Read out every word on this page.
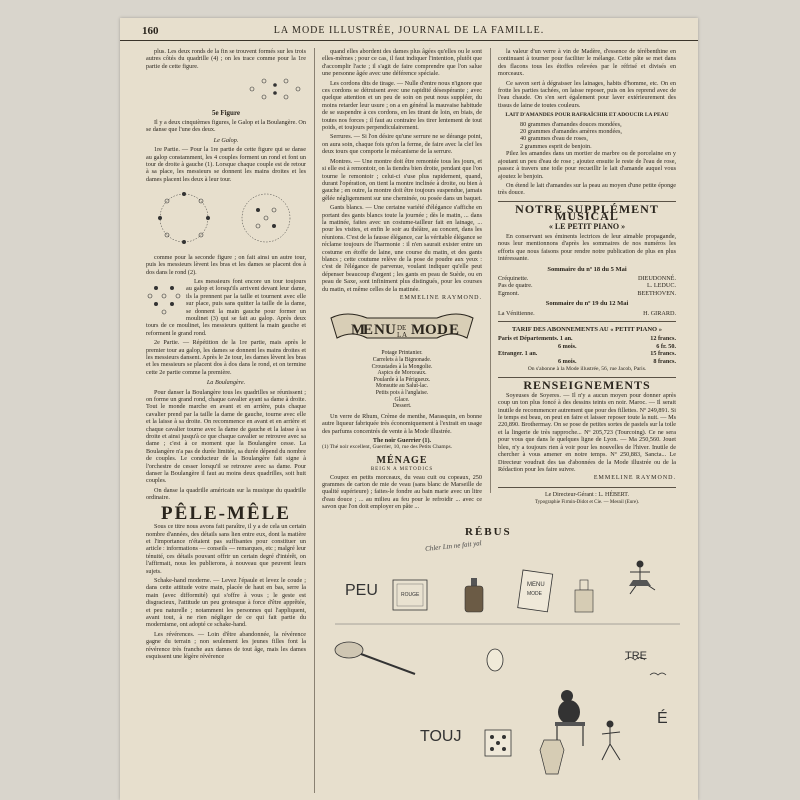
160	LA MODE ILLUSTRÉE, JOURNAL DE LA FAMILLE.

plus. Les deux ronds de la fin se trouvent formés sur les trois autres côtés du quadrille (4) ; on les trace comme pour la 1re partie de cette figure.

5e Figure

Il y a deux cinquièmes figures, le Galop et la Boulangère. On se danse que l'une des deux.

Le Galop.

1re Partie. — Pour la 1re partie de cette figure qui se danse au galop constamment, les 4 couples forment un rond et font un tour de droite à gauche (1). Lorsque chaque couple est de retour à sa place, les messieurs se donnent les mains droites et les dames placent les deux à leur tour.

comme pour la seconde figure ; on fait ainsi un autre tour, puis les messieurs lèvent les bras et les dames se placent dos à dos dans le rond (2).

Les messieurs font encore un tour toujours au galop et lorsqu'ils arrivent devant leur dame, ils la prennent par la taille et tournent avec elle sur place, puis sans quitter la taille de la dame, se donnent la main gauche pour former un moulinet (3) qui se fait au galop. Après deux tours de ce moulinet, les messieurs quittent la main gauche et reforment le grand rond.

2e Partie. — Répétition de la 1re partie, mais après le premier tour au galop, les dames se donnent les mains droites et les messieurs dansent. Après le 2e tour, les dames lèvent les bras et les messieurs se placent dos à dos dans le rond, et on termine cette 2e partie comme la première.

La Boulangère.

Pour danser la Boulangère tous les quadrilles se réunissent ; on forme un grand rond, chaque cavalier ayant sa dame à droite. Tout le monde marche en avant et en arrière, puis chaque cavalier prend par la taille la dame de gauche, tourne avec elle et la laisse à sa droite. On recommence en avant et en arrière et chaque cavalier tourne avec la dame de gauche et la laisse à sa droite et ainsi jusqu'à ce que chaque cavalier se retrouve avec sa dame ; c'est à ce moment que la Boulangère cesse. La Boulangère n'a pas de durée limitée, sa durée dépend du nombre de couples. Le conducteur de la Boulangère fait signe à l'orchestre de cesser lorsqu'il se retrouve avec sa dame. Pour danser la Boulangère il faut au moins deux quadrilles, soit huit couples.

On danse la quadrille américain sur la musique du quadrille ordinaire.

PÊLE-MÊLE

Sous ce titre nous avons fait paraître, il y a de cela un certain nombre d'années, des détails sans lien entre eux, dont la matière et l'importance n'étaient pas suffisantes pour constituer un article : informations — conseils — remarques, etc ; malgré leur ténuité, ces détails pouvant offrir un certain degré d'intérêt, on l'affirmait, nous les publierons, à nouveau que peuvent leurs sujets.

Schake-hand moderne. — Levez l'épaule et levez le coude ; dans cette attitude votre main, placée de haut en bas, serre la main (avec difformité) qui s'offre à vous ; le geste est disgracieux, l'attitude un peu grotesque à force d'être apprêtée, et peu naturelle ; notamment les personnes qui l'appliquent, avant tout, à ne rien négliger de ce qui fait partie du modernisme, ont adopté ce schake-hand.

Les révérences. — Loin d'être abandonnée, la révérence gagne du terrain ; non seulement les jeunes filles font la révérence très franche aux dames de tout âge, mais les dames esquissent une légère révérence

quand elles abordent des dames plus âgées qu'elles ou le sont elles-mêmes ; pour ce cas, il faut indiquer l'intention, plutôt que d'accomplir l'acte ; il s'agit de faire comprendre que l'on salue une personne âgée avec une déférence spéciale.

Les cordons dits de tirage. — Nulle d'entre nous n'ignore que ces cordons se détruisent avec une rapidité désespérante ; avec quelque attention et un peu de soin on peut nous suppléer, du moins retarder leur usure ; on a en général la mauvaise habitude de se suspendre à ces cordons, en les tirant de loin, en biais, de toutes nos forces ; il faut au contraire les tirer lentement de tout poids, et toujours perpendiculairement.

Serrures. — Si l'on désire qu'une serrure ne se dérange point, on aura soin, chaque fois qu'on la ferme, de faire avec la clef les deux tours que comporte le mécanisme de la serrure.

Montres. — Une montre doit être remontée tous les jours, et si elle est à remontoir, on la tiendra bien droite, pendant que l'on tourne le remontoir ; celui-ci s'use plus rapidement, quand, durant l'opération, on tient la montre inclinée à droite, ou bien à gauche ; en outre, la montre doit être toujours suspendue, jamais gêlée négligemment sur une cheminée, ou posée dans un baquet.

Gants blancs. — Une certaine variété d'élégance s'affiche en portant des gants blancs toute la journée ; dès le matin, ... dans la matinée, faites avec un costume-tailleur fait en lainage, ... pour les visites, et enfin le soir au théâtre, au concert, dans les réunions. C'est de la fausse élégance, car la véritable élégance se réclame toujours de l'harmonie : il n'en saurait exister entre un costume en étoffe de laine, une course du matin, et des gants blancs ; cette coutume relève de la pose de poudre aux yeux : c'est de l'élégance de parvenue, voulant indiquer qu'elle peut dépenser beaucoup d'argent ; les gants en peau de Suède, ou en peau de Saxe, sont infiniment plus distingués, pour les courses du matin, et même celles de la matinée.

EMMELINE RAYMOND.
M
E N U D E
L A M O D E
Potage Printanier.
Carrelets à la Bignonade.
Croustades à la Mongolie.
Aspics de Morceaux.
Poularde à la Périgueux.
Monsutte au Salut-lac.
Petits pois à l'anglaise.
Glace.
Dessert.

Un verre de Rhum, Crème de menthe, Marasquin, en bonne autre liqueur fabriquée très économiquement à l'extrait en usage des parfums concentrés de vente à la Mode illustrée.

The noir Guerrier (1).
(1) Thé noir excellent, Guerrier, 10, rue des Petits Champs.
MÉNAGE
BEIGN A METODICS

Coupez en petits morceaux, du veau cuit ou copeaux, 250 grammes de carton de mie de veau (sans blanc de Marseille de qualité supérieure) ; faites-le fondre au bain marie avec un litre d'eau douce ; ... au milieu au feu pour le refroidir ... avec ce savon que l'on doit employer en pâte ...

la valeur d'un verre à vin de Madère, d'essence de térébenthine en continuant à tourner pour faciliter le mélange. Cette pâte se met dans des flacons tous les étoffes relevées par le réfrisé et divisés en morceaux.

Ce savon sert à dégraisser les lainages, habits d'homme, etc. On en frotte les parties tachées, on laisse reposer, puis on les reprend avec de l'eau chaude. On s'en sert également pour laver extérieurement des tissus de laine de toutes couleurs.

LAIT D'AMANDES POUR RAFRAÎCHIR ET ADOUCIR LA PEAU
80 grammes d'amandes douces mondées,
20 grammes d'amandes amères mondées,
40 grammes d'eau de roses,
2 grammes esprit de benjoin.

Pilez les amandes dans un mortier de marbre ou de porcelaine en y ajoutant un peu d'eau de rose ; ajoutez ensuite le reste de l'eau de rose, passez à travers une toile pour recueillir le lait d'amande auquel vous ajoutez le benjoin.

On étend le lait d'amandes sur la peau au moyen d'une petite éponge très douce.

NOTRE SUPPLÉMENT MUSICAL
« LE PETIT PIANO »

En conservant ses éminents lectrices de leur aimable propagande, nous leur mentionnons d'après les sommaires de nos numéros les efforts que nous faisons pour rendre notre publication de plus en plus intéressante.

Sommaire du nº 18 du 5 Mai
Créquinette.	DIEUDONNÉ.
Pas de quatre.	L. LEDUC.
Egmont.	BEETHOVEN.
Sommaire du nº 19 du 12 Mai
La Vénitienne.	H. GIRARD.
TARIF DES ABONNEMENTS AU « PETIT PIANO »
Paris et Départements. 1 an.	12 francs.
6 mois.	6 fr. 50.
Etranger. 1 an.	15 francs.
6 mois.	8 francs.
On s'abonne à la Mode illustrée, 56, rue Jacob, Paris.
RENSEIGNEMENTS

Soyeuses de Soyeres. — Il n'y a aucun moyen pour donner après coup un ton plus foncé à des dessins teints en noir. Maroc. — Il serait inutile de recommencer autrement que pour des fillettes. Nº 249,891. Si le temps est beau, on peut en faire et laisser reposer toute la nuit. — Ms 220,890. Brothermay. On se pose de petites sortes de pastels sur la toile et la lingerie de très rapproche... Nº 205,723 (Tourcoing). Ce ne sera pour vous que dans le quelques ligne de Lyon. — Ma 250,560. Jouet bleu, n'y a toujours rien à voir pour les nouvelles de l'hiver. Inutile de chercher à vous amener en notre temps. Nº 250,883, Sancta... Le Directeur voudrait des tas d'abonnées de la Mode illustrée ou de la Rédaction pour les faire suivre.

EMMELINE RAYMOND.
Le Directeur-Gérant : L. HÉBERT.
Typographie Firmin-Didot et Cie. — Mesnil (Eure).
RÉBUS
PEU
TOUJ
É
TRE
Chler Ltn ne fait yal
ROUGE
MENU
MODE
